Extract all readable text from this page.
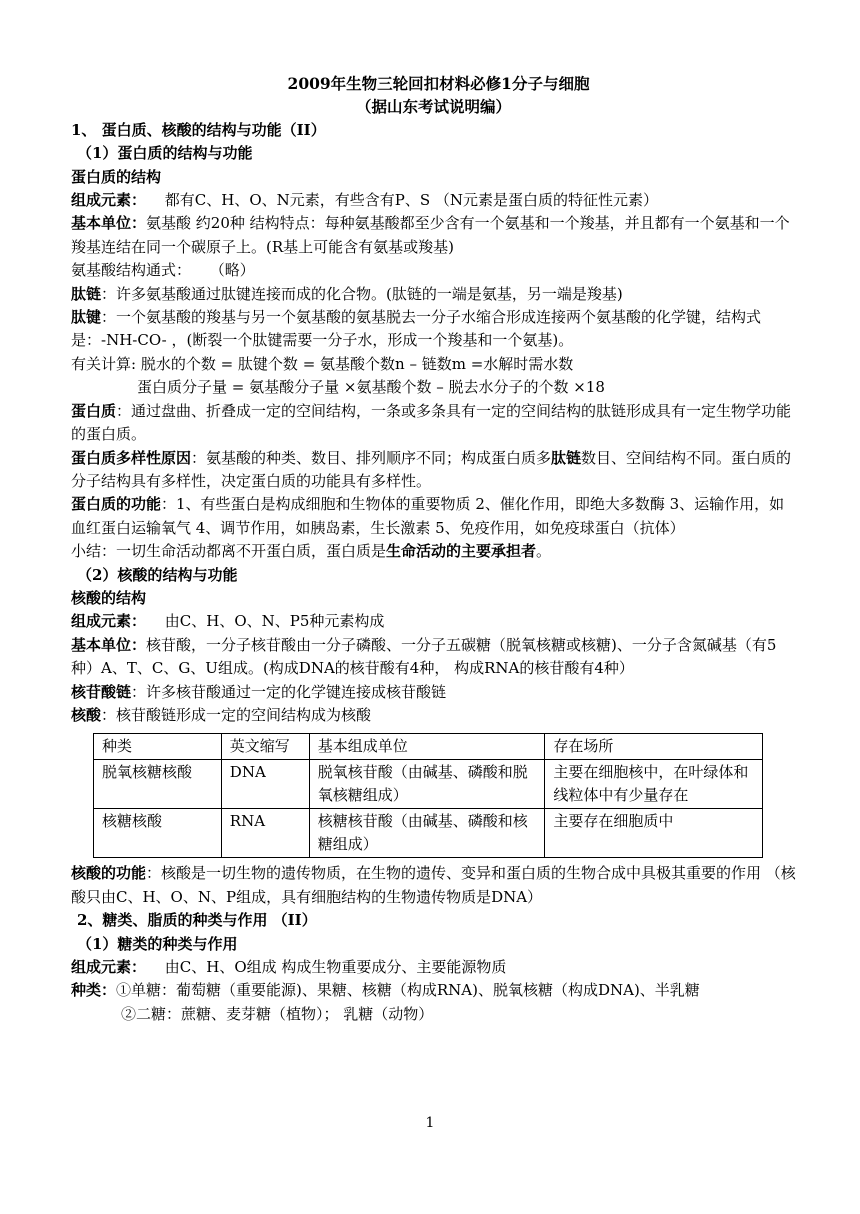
2009年生物三轮回扣材料必修1分子与细胞
（据山东考试说明编）
1、 蛋白质、核酸的结构与功能（II）
（1）蛋白质的结构与功能
蛋白质的结构
组成元素： 都有C、H、O、N元素，有些含有P、S （N元素是蛋白质的特征性元素）
基本单位：氨基酸 约20种 结构特点：每种氨基酸都至少含有一个氨基和一个羧基，并且都有一个氨基和一个羧基连结在同一个碳原子上。(R基上可能含有氨基或羧基)
氨基酸结构通式： （略）
肽链：许多氨基酸通过肽键连接而成的化合物。(肽链的一端是氨基，另一端是羧基)
肽键：一个氨基酸的羧基与另一个氨基酸的氨基脱去一分子水缩合形成连接两个氨基酸的化学键，结构式是：-NH-CO- ，(断裂一个肽键需要一分子水，形成一个羧基和一个氨基)。
有关计算: 脱水的个数 = 肽键个数 = 氨基酸个数n – 链数m =水解时需水数
蛋白质分子量 = 氨基酸分子量 ×氨基酸个数 – 脱去水分子的个数 ×18
蛋白质：通过盘曲、折叠成一定的空间结构，一条或多条具有一定的空间结构的肽链形成具有一定生物学功能的蛋白质。
蛋白质多样性原因：氨基酸的种类、数目、排列顺序不同；构成蛋白质多肽链数目、空间结构不同。蛋白质的分子结构具有多样性，决定蛋白质的功能具有多样性。
蛋白质的功能：1、有些蛋白是构成细胞和生物体的重要物质 2、催化作用，即绝大多数酶 3、运输作用，如血红蛋白运输氧气 4、调节作用，如胰岛素，生长激素 5、免疫作用，如免疫球蛋白（抗体）
小结：一切生命活动都离不开蛋白质，蛋白质是生命活动的主要承担者。
（2）核酸的结构与功能
核酸的结构
组成元素： 由C、H、O、N、P5种元素构成
基本单位：核苷酸，一分子核苷酸由一分子磷酸、一分子五碳糖（脱氧核糖或核糖)、一分子含氮碱基（有5种）A、T、C、G、U组成。(构成DNA的核苷酸有4种， 构成RNA的核苷酸有4种）
核苷酸链：许多核苷酸通过一定的化学键连接成核苷酸链
核酸：核苷酸链形成一定的空间结构成为核酸
种类	英文缩写	基本组成单位	存在场所
脱氧核糖核酸	DNA	脱氧核苷酸（由碱基、磷酸和脱氧核糖组成）	主要在细胞核中，在叶绿体和线粒体中有少量存在
核糖核酸	RNA	核糖核苷酸（由碱基、磷酸和核糖组成）	主要存在细胞质中
核酸的功能：核酸是一切生物的遗传物质，在生物的遗传、变异和蛋白质的生物合成中具极其重要的作用 （核酸只由C、H、O、N、P组成，具有细胞结构的生物遗传物质是DNA）
2、糖类、脂质的种类与作用 （II）
（1）糖类的种类与作用
组成元素： 由C、H、O组成 构成生物重要成分、主要能源物质
种类：①单糖：葡萄糖（重要能源)、果糖、核糖（构成RNA)、脱氧核糖（构成DNA)、半乳糖
②二糖：蔗糖、麦芽糖（植物）； 乳糖（动物）
1
